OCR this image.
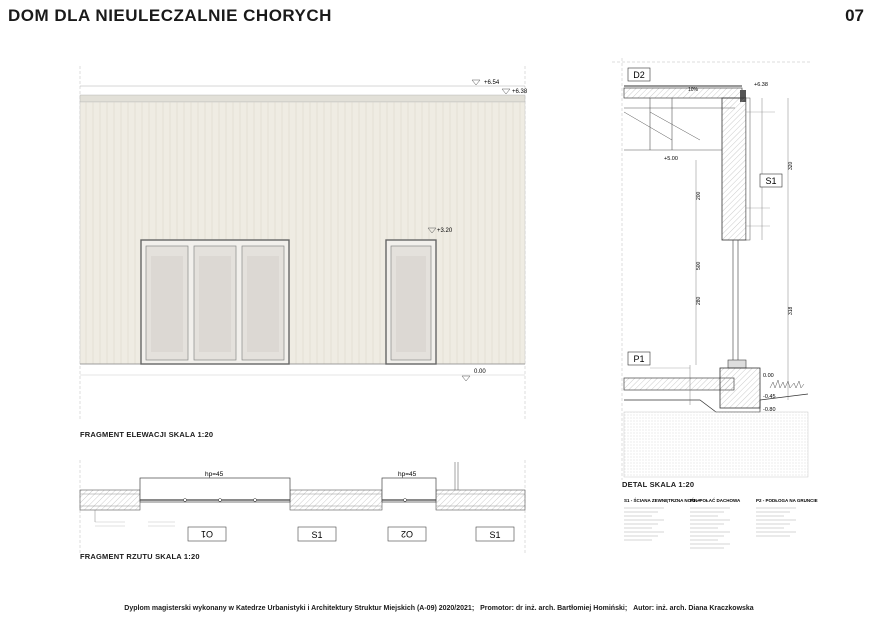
DOM DLA NIEULECZALNIE CHORYCH	07
+6.54
+6.38
+3.20
0.00
hp=45	hp=45
O1	O2
S1	S1
D2
S1
P1
+6.38
+5.00
0.00
-0.45
-0.80
10%
200
500
280
320
318
S1 - ŚCIANA ZEWNĘTRZNA NOŚNA
P1 - POŁAĆ DACHOWA	P2 - PODŁOGA NA GRUNCIE
FRAGMENT ELEWACJI SKALA 1:20
FRAGMENT RZUTU SKALA 1:20
DETAL SKALA 1:20
Dyplom magisterski wykonany w Katedrze Urbanistyki i Architektury Struktur Miejskich (A-09) 2020/2021; Promotor: dr inż. arch. Bartłomiej Homiński; Autor: inż. arch. Diana Kraczkowska
